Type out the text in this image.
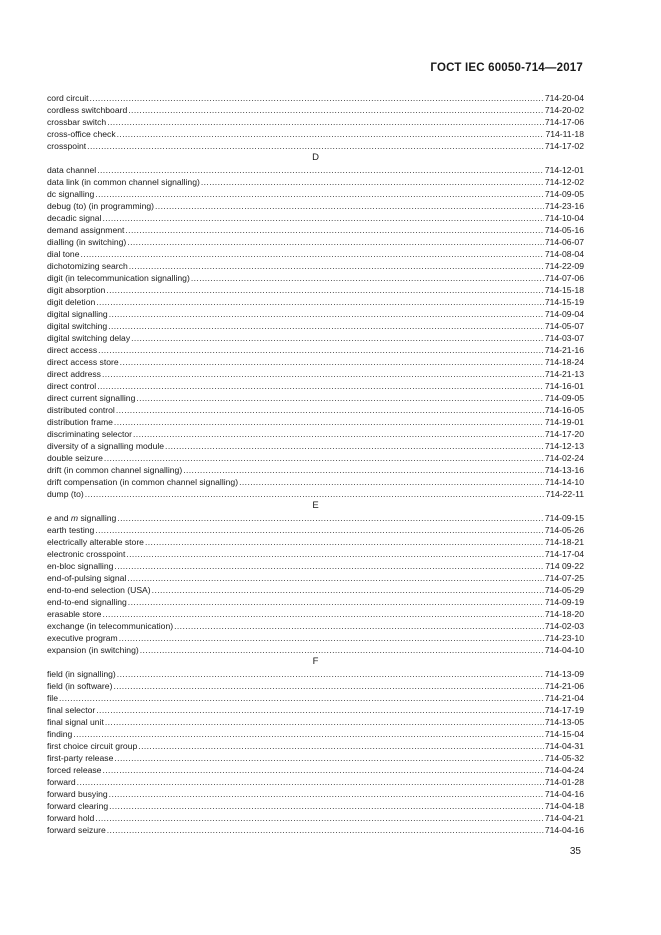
ГОСТ IEC 60050-714—2017
cord circuit .....	714-20-04
cordless switchboard .....	714-20-02
crossbar switch .....	714-17-06
cross-office check .....	714-11-18
crosspoint .....	714-17-02
D
data channel .....	714-12-01
data link (in common channel signalling) .....	714-12-02
dc signalling .....	714-09-05
debug (to) (in programming) .....	714-23-16
decadic signal .....	714-10-04
demand assignment .....	714-05-16
dialling (in switching) .....	714-06-07
dial tone .....	714-08-04
dichotomizing search .....	714-22-09
digit (in telecommunication signalling) .....	714-07-06
digit absorption .....	714-15-18
digit deletion .....	714-15-19
digital signalling .....	714-09-04
digital switching .....	714-05-07
digital switching delay .....	714-03-07
direct access .....	714-21-16
direct access store .....	714-18-24
direct address .....	714-21-13
direct control .....	714-16-01
direct current signalling .....	714-09-05
distributed control .....	714-16-05
distribution frame .....	714-19-01
discriminating selector .....	714-17-20
diversity of a signalling module .....	714-12-13
double seizure .....	714-02-24
drift (in common channel signalling) .....	714-13-16
drift compensation (in common channel signalling) .....	714-14-10
dump (to) .....	714-22-11
E
e and m signalling .....	714-09-15
earth testing .....	714-05-26
electrically alterable store .....	714-18-21
electronic crosspoint .....	714-17-04
en-bloc signalling .....	714 09-22
end-of-pulsing signal .....	714-07-25
end-to-end selection (USA) .....	714-05-29
end-to-end signalling .....	714-09-19
erasable store .....	714-18-20
exchange (in telecommunication) .....	714-02-03
executive program .....	714-23-10
expansion (in switching) .....	714-04-10
F
field (in signalling) .....	714-13-09
field (in software) .....	714-21-06
file .....	714-21-04
final selector .....	714-17-19
final signal unit .....	714-13-05
finding .....	714-15-04
first choice circuit group .....	714-04-31
first-party release .....	714-05-32
forced release .....	714-04-24
forward .....	714-01-28
forward busying .....	714-04-16
forward clearing .....	714-04-18
forward hold .....	714-04-21
forward seizure .....	714-04-16
35
